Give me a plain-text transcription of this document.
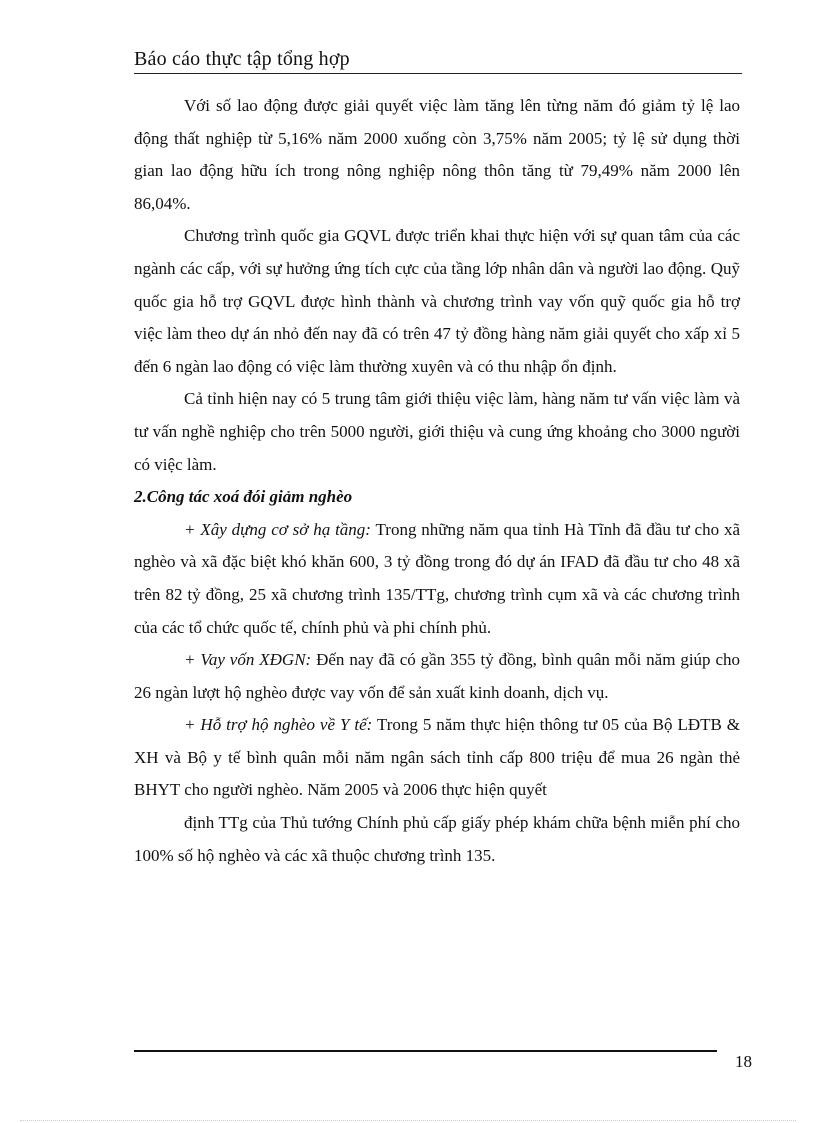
Báo cáo thực tập tổng hợp

Với số lao động được giải quyết việc làm tăng lên từng năm đó giảm tỷ lệ lao động thất nghiệp từ 5,16% năm 2000 xuống còn 3,75% năm 2005; tỷ lệ sử dụng thời gian lao động hữu ích trong nông nghiệp nông thôn tăng từ 79,49% năm 2000 lên 86,04%.

Chương trình quốc gia GQVL được triển khai thực hiện với sự quan tâm của các ngành các cấp, với sự hưởng ứng tích cực của tầng lớp nhân dân và người lao động. Quỹ quốc gia hỗ trợ GQVL được hình thành và chương trình vay vốn quỹ quốc gia hỗ trợ việc làm theo dự án nhỏ đến nay đã có trên 47 tỷ đồng hàng năm giải quyết cho xấp xỉ 5 đến 6 ngàn lao động có việc làm thường xuyên và có thu nhập ổn định.

Cả tỉnh hiện nay có 5 trung tâm giới thiệu việc làm, hàng năm tư vấn việc làm và tư vấn nghề nghiệp cho trên 5000 người, giới thiệu và cung ứng khoảng cho 3000 người có việc làm.

2.Công tác xoá đói giảm nghèo

+ Xây dựng cơ sở hạ tầng: Trong những năm qua tỉnh Hà Tĩnh đã đầu tư cho xã nghèo và xã đặc biệt khó khăn 600, 3 tỷ đồng trong đó dự án IFAD đã đầu tư cho 48 xã trên 82 tỷ đồng, 25 xã chương trình 135/TTg, chương trình cụm xã và các chương trình của các tổ chức quốc tế, chính phủ và phi chính phủ.

+ Vay vốn XĐGN: Đến nay đã có gần 355 tỷ đồng, bình quân mỗi năm giúp cho 26 ngàn lượt hộ nghèo được vay vốn để sản xuất kinh doanh, dịch vụ.

+ Hỗ trợ hộ nghèo về Y tế: Trong 5 năm thực hiện thông tư 05 của Bộ LĐTB & XH và Bộ y tế bình quân mỗi năm ngân sách tỉnh cấp 800 triệu để mua 26 ngàn thẻ BHYT cho người nghèo. Năm 2005 và 2006 thực hiện quyết

định TTg của Thủ tướng Chính phủ cấp giấy phép khám chữa bệnh miễn phí cho 100% số hộ nghèo và các xã thuộc chương trình 135.

18
